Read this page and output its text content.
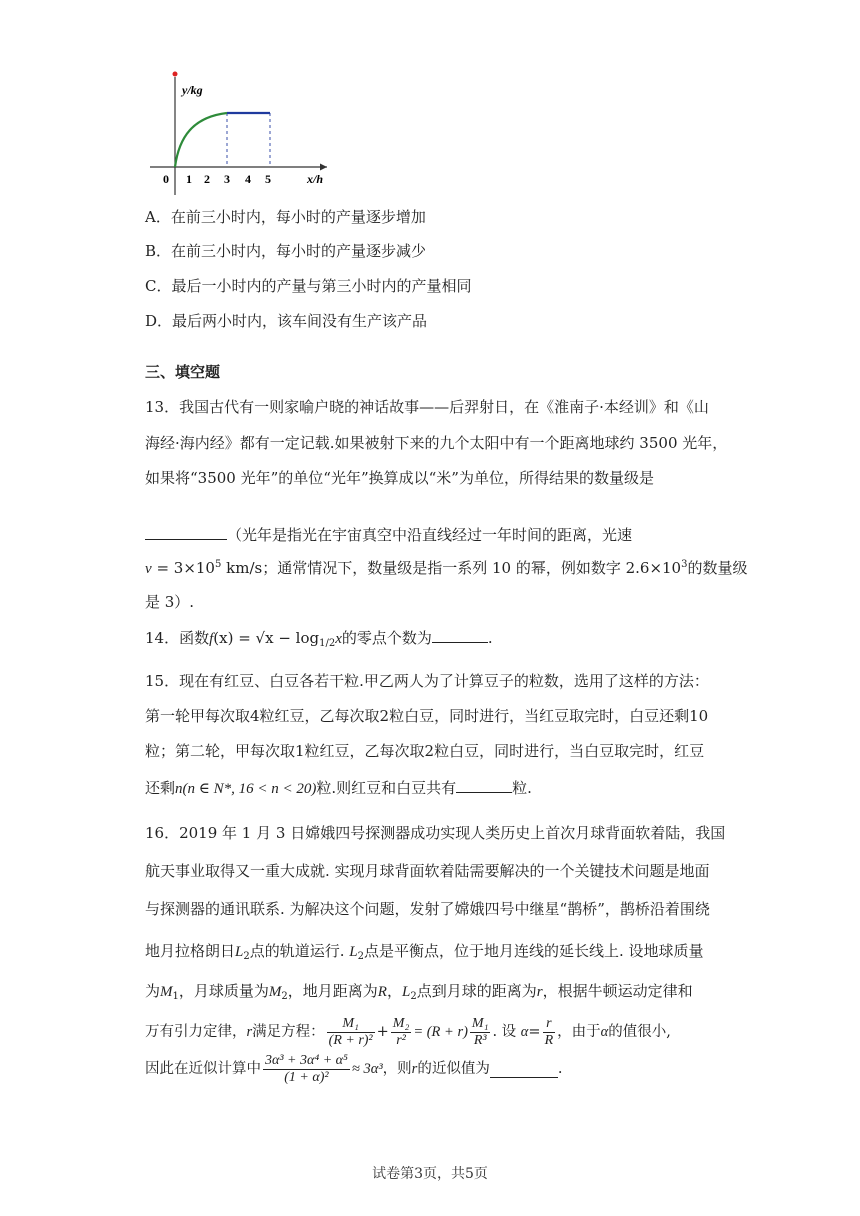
y/kg
x/h
0 1 2 3 4 5
A．在前三小时内，每小时的产量逐步增加
B．在前三小时内，每小时的产量逐步减少
C．最后一小时内的产量与第三小时内的产量相同
D．最后两小时内，该车间没有生产该产品
三、填空题
13．我国古代有一则家喻户晓的神话故事——后羿射日，在《淮南子·本经训》和《山
海经·海内经》都有一定记载.如果被射下来的九个太阳中有一个距离地球约 3500 光年，
如果将“3500 光年”的单位“光年”换算成以“米”为单位，所得结果的数量级是
（光年是指光在宇宙真空中沿直线经过一年时间的距离，光速
$v = 3\times 10^5$ km/s；通常情况下，数量级是指一系列 10 的幂，例如数字 $2.6\times 10^3$的数量级
是 3）.
14．函数$f(x) = √x - \log_{1/2}x$的零点个数为	.
15．现在有红豆、白豆各若干粒.甲乙两人为了计算豆子的粒数，选用了这样的方法：
第一轮甲每次取4粒红豆，乙每次取2粒白豆，同时进行，当红豆取完时，白豆还剩10
粒；第二轮，甲每次取1粒红豆，乙每次取2粒白豆，同时进行，当白豆取完时，红豆
还剩n(n ∈ N*, 16 < n < 20)粒.则红豆和白豆共有	粒.
16．2019 年 1 月 3 日嫦娥四号探测器成功实现人类历史上首次月球背面软着陆，我国
航天事业取得又一重大成就. 实现月球背面软着陆需要解决的一个关键技术问题是地面
与探测器的通讯联系. 为解决这个问题，发射了嫦娥四号中继星“鹊桥”，鹊桥沿着围绕
地月拉格朗日$L_2$点的轨道运行. $L_2$点是平衡点，位于地月连线的延长线上. 设地球质量
为$M_1$，月球质量为$M_2$，地月距离为R，$L_2$点到月球的距离为r，根据牛顿运动定律和
万有引力定律， r 满足方程： $\frac{\text{M₁}}{\text{(R + r)²}} + \frac{\text{M₂}}{\text{r²}} = (R + r) \frac{\text{M₁}}{\text{R³}}$ . 设
$\alpha = \frac{r}{R}$ ，由于 α 的值很小,
因此在近似计算中 $\frac{\text{3α³ + 3α⁴ + α⁵}}{\text{(1 + α)²}} \approx 3\alpha^3$ ，则 r 的近似值为	.
试卷第3页，共5页
